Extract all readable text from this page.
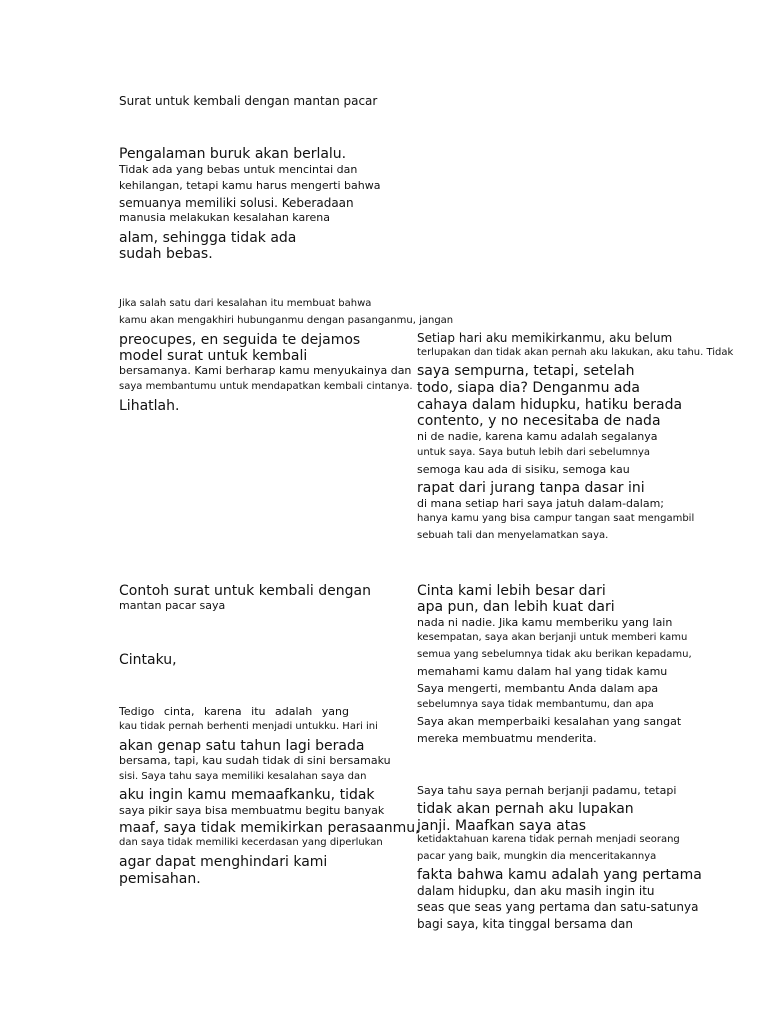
Surat untuk kembali dengan mantan pacar
Pengalaman buruk akan berlalu.
Tidak ada yang bebas untuk mencintai dan
kehilangan, tetapi kamu harus mengerti bahwa
semuanya memiliki solusi. Keberadaan
manusia melakukan kesalahan karena
alam, sehingga tidak ada
sudah bebas.
Jika salah satu dari kesalahan itu membuat bahwa
kamu akan mengakhiri hubunganmu dengan pasanganmu, jangan
preocupes, en seguida te dejamos
model surat untuk kembali
bersamanya. Kami berharap kamu menyukainya dan
saya membantumu untuk mendapatkan kembali cintanya.
Lihatlah.
Setiap hari aku memikirkanmu, aku belum
terlupakan dan tidak akan pernah aku lakukan, aku tahu. Tidak
saya sempurna, tetapi, setelah
todo, siapa dia? Denganmu ada
cahaya dalam hidupku, hatiku berada
contento, y no necesitaba de nada
ni de nadie, karena kamu adalah segalanya
untuk saya. Saya butuh lebih dari sebelumnya
semoga kau ada di sisiku, semoga kau
rapat dari jurang tanpa dasar ini
di mana setiap hari saya jatuh dalam-dalam;
hanya kamu yang bisa campur tangan saat mengambil
sebuah tali dan menyelamatkan saya.
Contoh surat untuk kembali dengan
mantan pacar saya
Cintaku,
Tedigo cinta, karena itu adalah yang
kau tidak pernah berhenti menjadi untukku. Hari ini
akan genap satu tahun lagi berada
bersama, tapi, kau sudah tidak di sini bersamaku
sisi. Saya tahu saya memiliki kesalahan saya dan
aku ingin kamu memaafkanku, tidak
saya pikir saya bisa membuatmu begitu banyak
maaf, saya tidak memikirkan perasaanmu,
dan saya tidak memiliki kecerdasan yang diperlukan
agar dapat menghindari kami
pemisahan.
Cinta kami lebih besar dari
apa pun, dan lebih kuat dari
nada ni nadie. Jika kamu memberiku yang lain
kesempatan, saya akan berjanji untuk memberi kamu
semua yang sebelumnya tidak aku berikan kepadamu,
memahami kamu dalam hal yang tidak kamu
Saya mengerti, membantu Anda dalam apa
sebelumnya saya tidak membantumu, dan apa
Saya akan memperbaiki kesalahan yang sangat
mereka membuatmu menderita.
Saya tahu saya pernah berjanji padamu, tetapi
tidak akan pernah aku lupakan
janji. Maafkan saya atas
ketidaktahuan karena tidak pernah menjadi seorang
pacar yang baik, mungkin dia menceritakannya
fakta bahwa kamu adalah yang pertama
dalam hidupku, dan aku masih ingin itu
seas que seas yang pertama dan satu-satunya
bagi saya, kita tinggal bersama dan
